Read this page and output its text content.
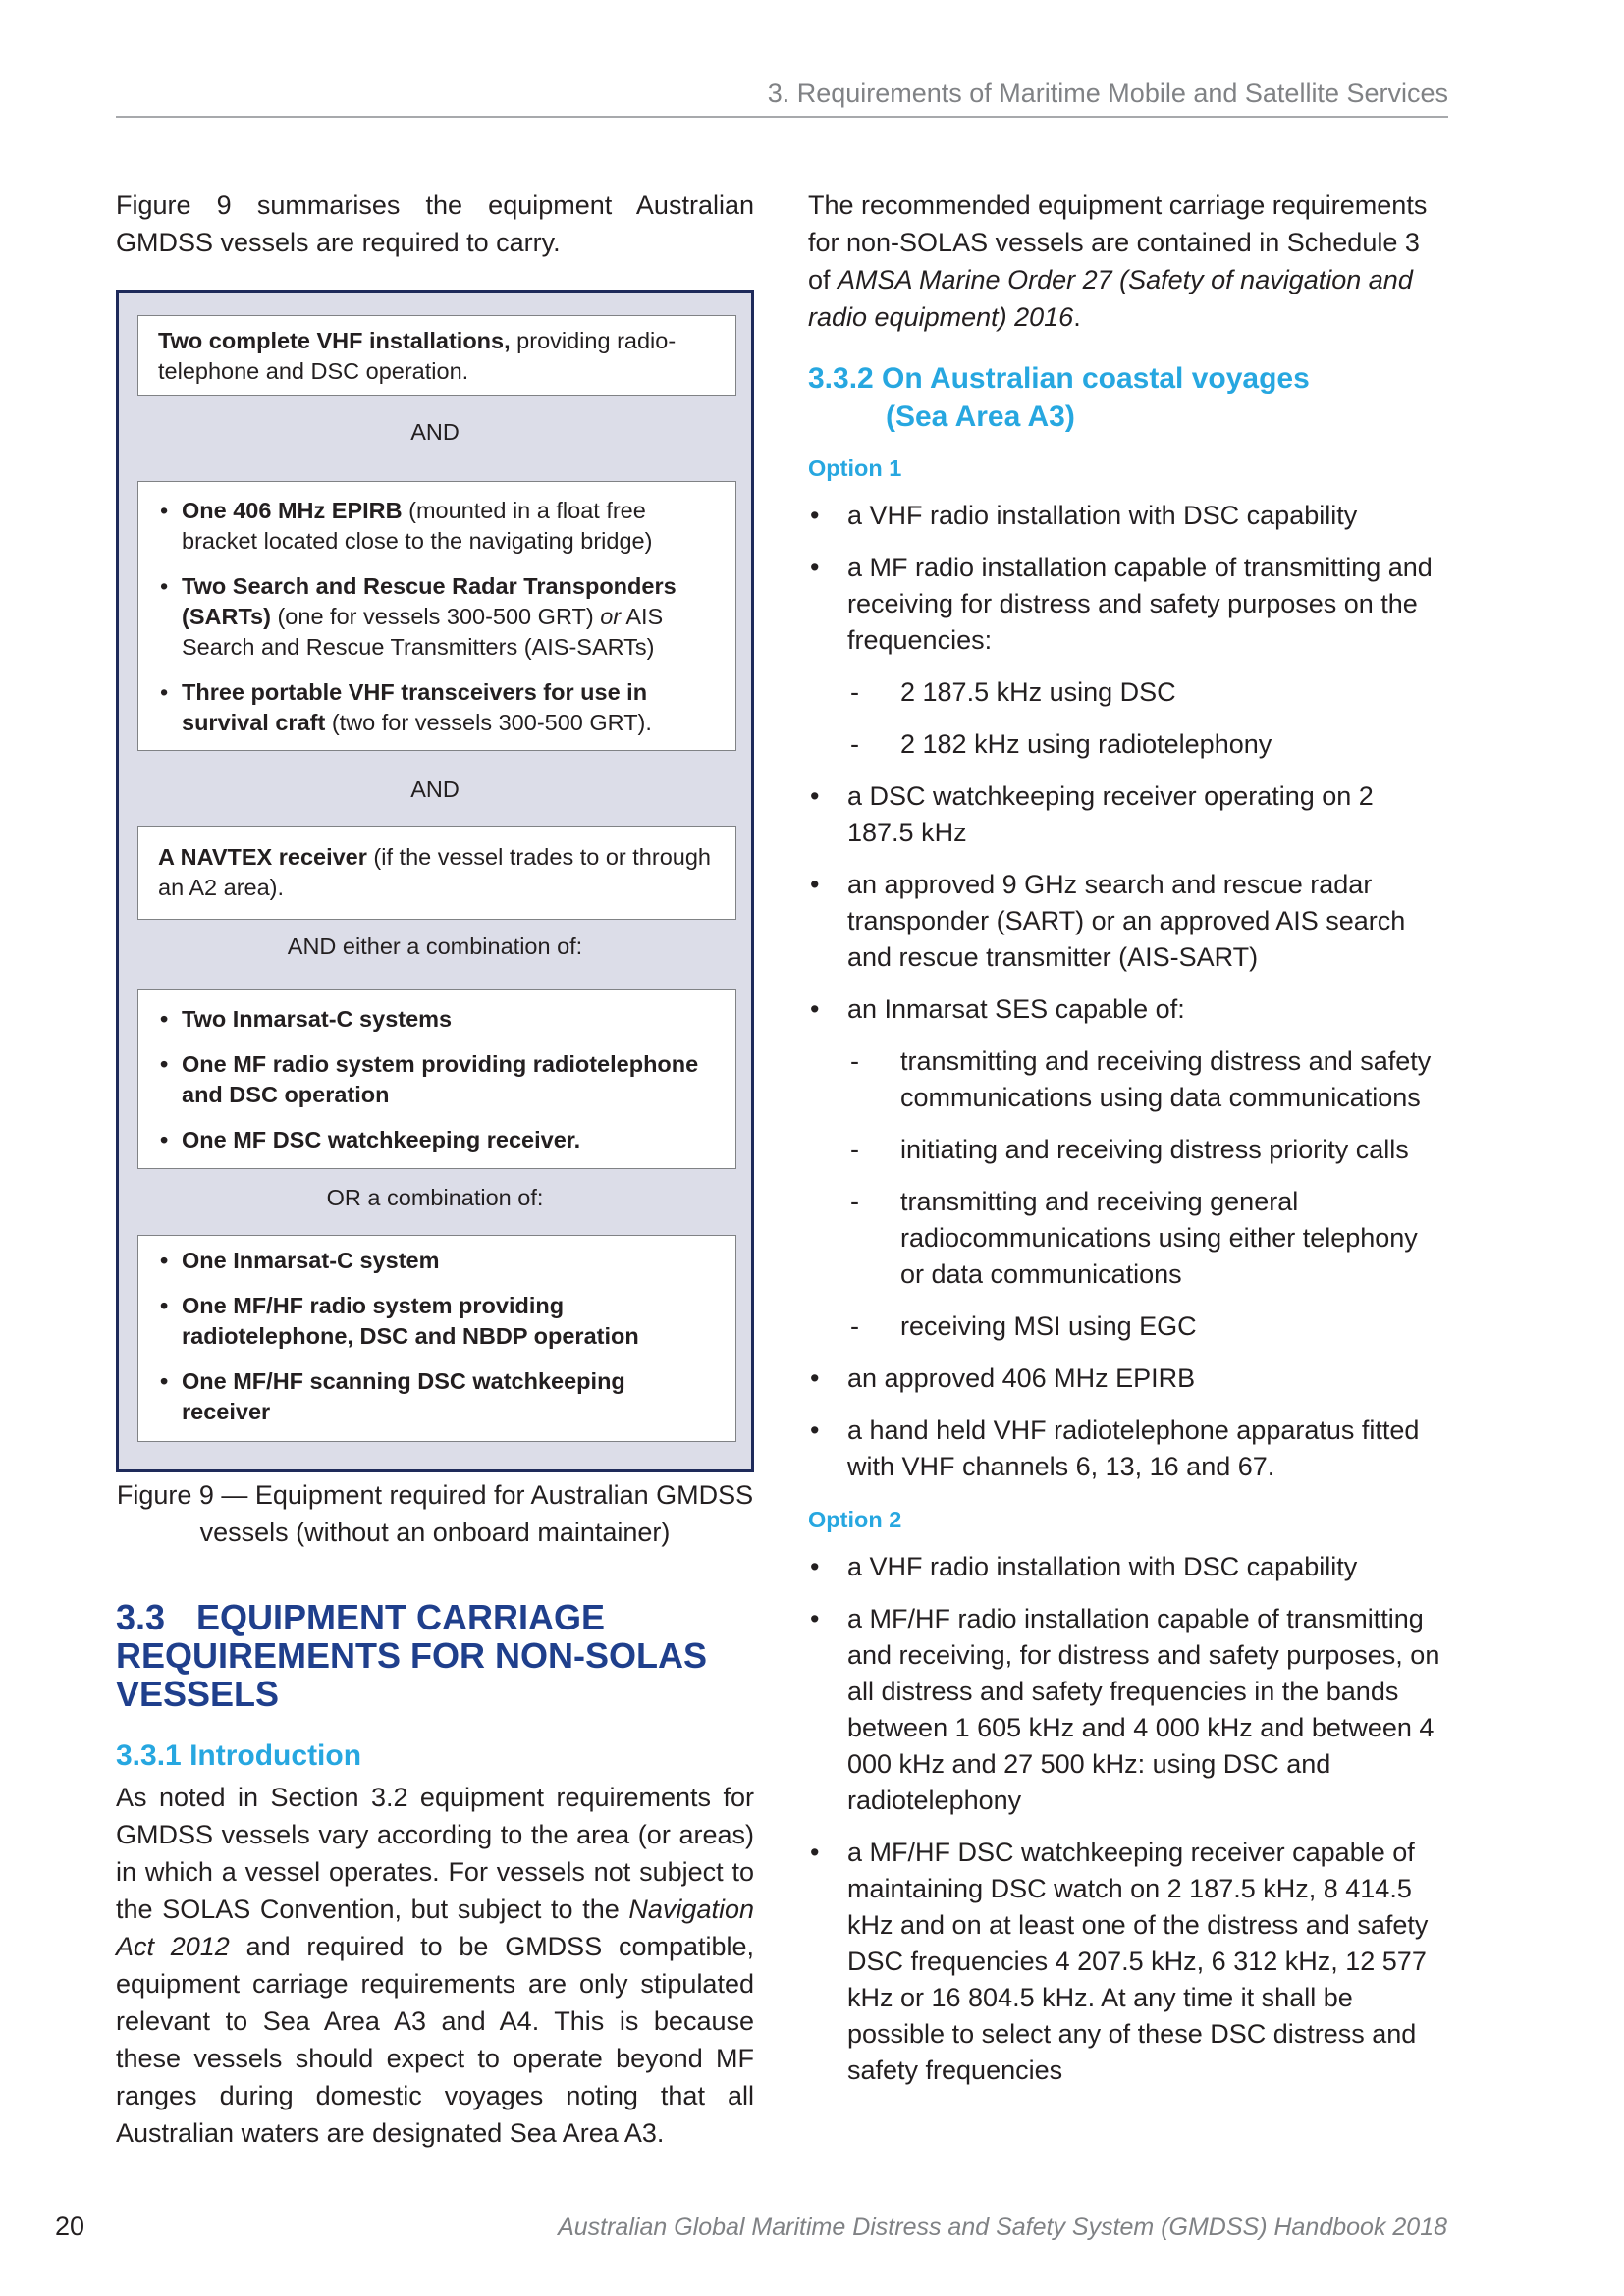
3. Requirements of Maritime Mobile and Satellite Services

Figure 9 summarises the equipment Australian GMDSS vessels are required to carry.

Two complete VHF installations, providing radio-telephone and DSC operation.
AND
• One 406 MHz EPIRB (mounted in a float free bracket located close to the navigating bridge)
• Two Search and Rescue Radar Transponders (SARTs) (one for vessels 300-500 GRT) or AIS Search and Rescue Transmitters (AIS-SARTs)
• Three portable VHF transceivers for use in survival craft (two for vessels 300-500 GRT).
AND
A NAVTEX receiver (if the vessel trades to or through an A2 area).
AND either a combination of:
• Two Inmarsat-C systems
• One MF radio system providing radiotelephone and DSC operation
• One MF DSC watchkeeping receiver.
OR a combination of:
• One Inmarsat-C system
• One MF/HF radio system providing radiotelephone, DSC and NBDP operation
• One MF/HF scanning DSC watchkeeping receiver
Figure 9 — Equipment required for Australian GMDSS vessels (without an onboard maintainer)
3.3 EQUIPMENT CARRIAGE REQUIREMENTS FOR NON-SOLAS VESSELS
3.3.1 Introduction

As noted in Section 3.2 equipment requirements for GMDSS vessels vary according to the area (or areas) in which a vessel operates. For vessels not subject to the SOLAS Convention, but subject to the Navigation Act 2012 and required to be GMDSS compatible, equipment carriage requirements are only stipulated relevant to Sea Area A3 and A4. This is because these vessels should expect to operate beyond MF ranges during domestic voyages noting that all Australian waters are designated Sea Area A3.

The recommended equipment carriage requirements for non-SOLAS vessels are contained in Schedule 3 of AMSA Marine Order 27 (Safety of navigation and radio equipment) 2016.

3.3.2 On Australian coastal voyages
(Sea Area A3)
Option 1
• a VHF radio installation with DSC capability
• a MF radio installation capable of transmitting and receiving for distress and safety purposes on the frequencies:
- 2 187.5 kHz using DSC
- 2 182 kHz using radiotelephony
• a DSC watchkeeping receiver operating on 2 187.5 kHz
• an approved 9 GHz search and rescue radar transponder (SART) or an approved AIS search and rescue transmitter (AIS-SART)
• an Inmarsat SES capable of:
- transmitting and receiving distress and safety communications using data communications
- initiating and receiving distress priority calls
- transmitting and receiving general radiocommunications using either telephony or data communications
- receiving MSI using EGC
• an approved 406 MHz EPIRB
• a hand held VHF radiotelephone apparatus fitted with VHF channels 6, 13, 16 and 67.
Option 2
• a VHF radio installation with DSC capability
• a MF/HF radio installation capable of transmitting and receiving, for distress and safety purposes, on all distress and safety frequencies in the bands between 1 605 kHz and 4 000 kHz and between 4 000 kHz and 27 500 kHz: using DSC and radiotelephony
• a MF/HF DSC watchkeeping receiver capable of maintaining DSC watch on 2 187.5 kHz, 8 414.5 kHz and on at least one of the distress and safety DSC frequencies 4 207.5 kHz, 6 312 kHz, 12 577 kHz or 16 804.5 kHz. At any time it shall be possible to select any of these DSC distress and safety frequencies
20	Australian Global Maritime Distress and Safety System (GMDSS) Handbook 2018
